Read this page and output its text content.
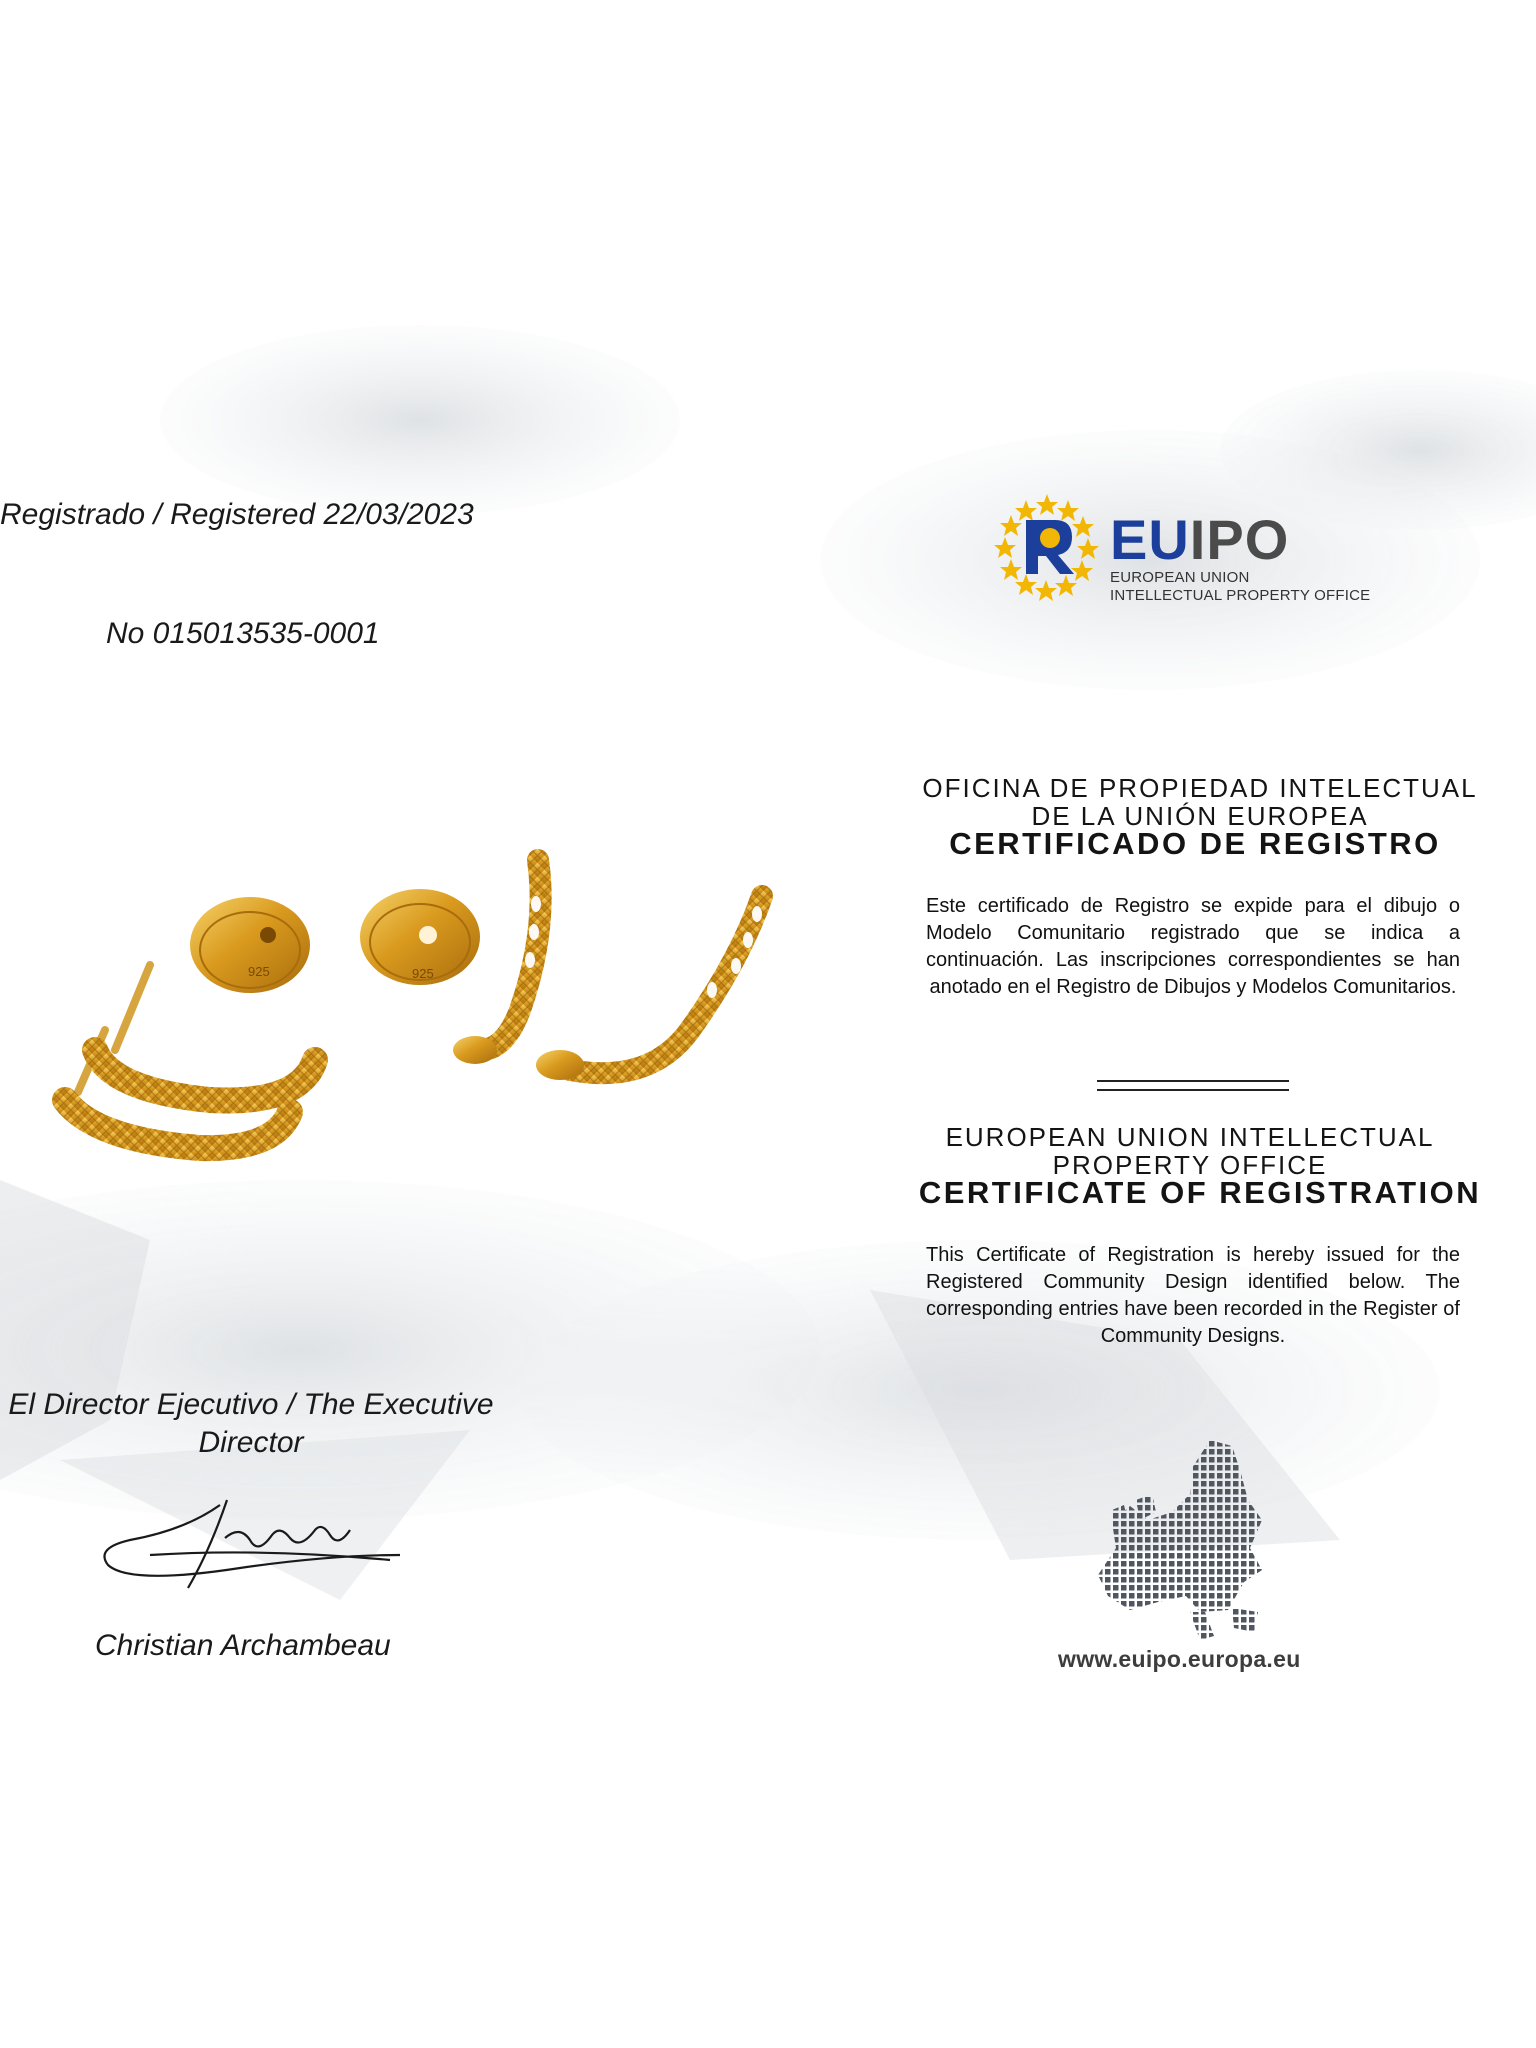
925	925
Registrado / Registered 22/03/2023
No 015013535-0001
El Director Ejecutivo / The Executive
Director
Christian Archambeau
EUIPO
EUROPEAN UNION
INTELLECTUAL PROPERTY OFFICE
OFICINA DE PROPIEDAD INTELECTUAL
DE LA UNIÓN EUROPEA
CERTIFICADO DE REGISTRO
Este certificado de Registro se expide para el dibujo o Modelo Comunitario registrado que se indica a continuación. Las inscripciones correspondientes se han anotado en el Registro de Dibujos y Modelos Comunitarios.
EUROPEAN UNION INTELLECTUAL
PROPERTY OFFICE
CERTIFICATE OF REGISTRATION
This Certificate of Registration is hereby issued for the Registered Community Design identified below. The corresponding entries have been recorded in the Register of Community Designs.
www.euipo.europa.eu
